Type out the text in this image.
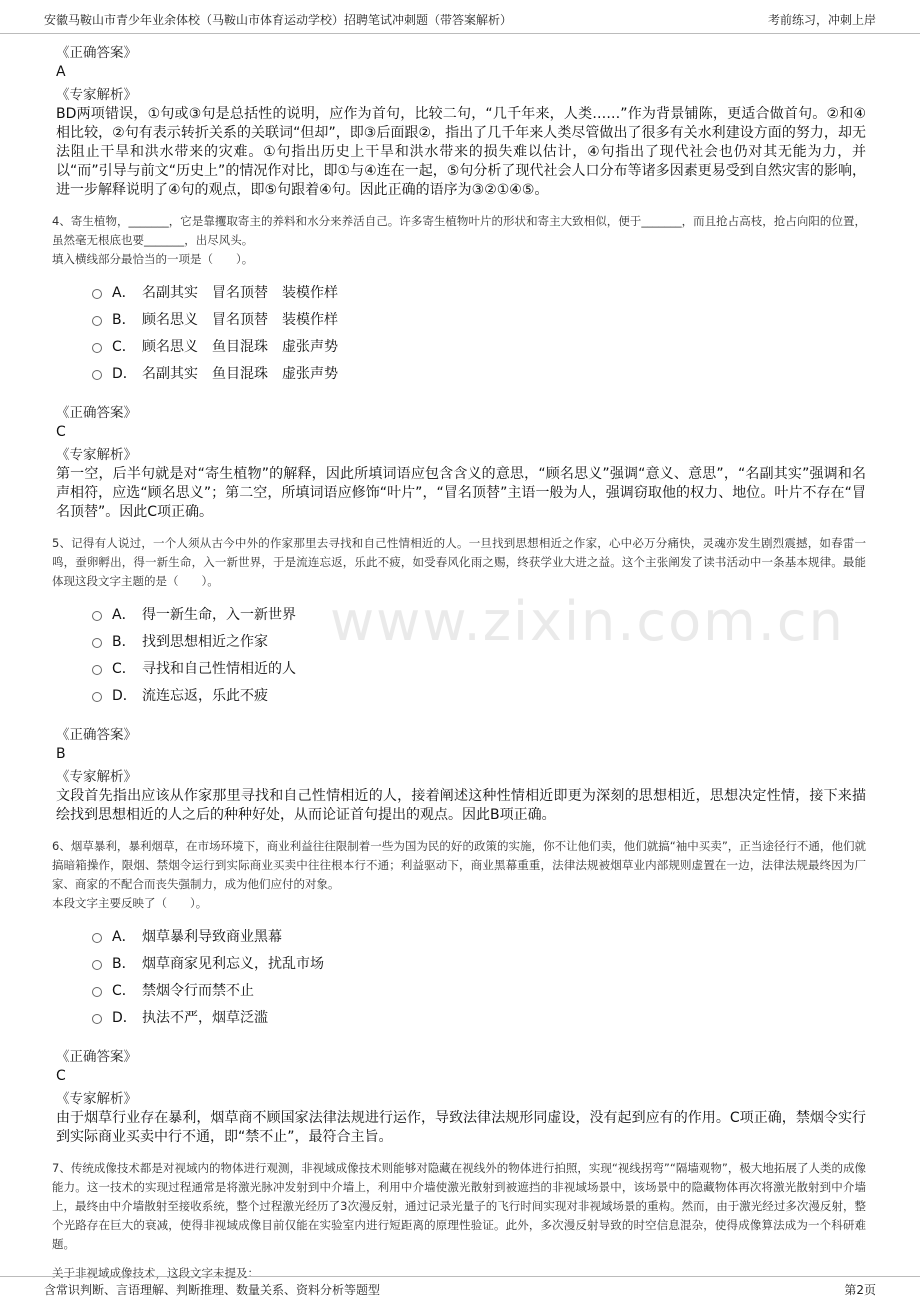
安徽马鞍山市青少年业余体校（马鞍山市体育运动学校）招聘笔试冲刺题（带答案解析）	考前练习，冲刺上岸
www.zixin.com.cn
《正确答案》
A
《专家解析》
BD两项错误，①句或③句是总括性的说明，应作为首句，比较二句，“几千年来，人类……”作为背景铺陈，更适合做首句。②和④相比较，②句有表示转折关系的关联词“但却”，即③后面跟②，指出了几千年来人类尽管做出了很多有关水利建设方面的努力，却无法阻止干旱和洪水带来的灾难。①句指出历史上干旱和洪水带来的损失难以估计，④句指出了现代社会也仍对其无能为力，并以“而”引导与前文“历史上”的情况作对比，即①与④连在一起，⑤句分析了现代社会人口分布等诸多因素更易受到自然灾害的影响，进一步解释说明了④句的观点，即⑤句跟着④句。因此正确的语序为③②①④⑤。
4、寄生植物，_______，它是靠攫取寄主的养料和水分来养活自己。许多寄生植物叶片的形状和寄主大致相似，便于_______，而且抢占高枝，抢占向阳的位置，虽然毫无根底也要_______，出尽风头。
填入横线部分最恰当的一项是（　　）。
A． 名副其实　冒名顶替　装模作样
B． 顾名思义　冒名顶替　装模作样
C． 顾名思义　鱼目混珠　虚张声势
D． 名副其实　鱼目混珠　虚张声势
《正确答案》
C
《专家解析》
第一空，后半句就是对“寄生植物”的解释，因此所填词语应包含含义的意思，“顾名思义”强调“意义、意思”，“名副其实”强调和名声相符，应选“顾名思义”；第二空，所填词语应修饰“叶片”，“冒名顶替”主语一般为人，强调窃取他的权力、地位。叶片不存在“冒名顶替”。因此C项正确。
5、记得有人说过，一个人须从古今中外的作家那里去寻找和自己性情相近的人。一旦找到思想相近之作家，心中必万分痛快，灵魂亦发生剧烈震撼，如春雷一鸣，蚕卵孵出，得一新生命，入一新世界，于是流连忘返，乐此不疲，如受春风化雨之赐，终获学业大进之益。这个主张阐发了读书活动中一条基本规律。最能体现这段文字主题的是（　　）。
A． 得一新生命，入一新世界
B． 找到思想相近之作家
C． 寻找和自己性情相近的人
D． 流连忘返，乐此不疲
《正确答案》
B
《专家解析》
文段首先指出应该从作家那里寻找和自己性情相近的人，接着阐述这种性情相近即更为深刻的思想相近，思想决定性情，接下来描绘找到思想相近的人之后的种种好处，从而论证首句提出的观点。因此B项正确。
6、烟草暴利，暴利烟草，在市场环境下，商业利益往往限制着一些为国为民的好的政策的实施，你不让他们卖，他们就搞“袖中买卖”，正当途径行不通，他们就搞暗箱操作，限烟、禁烟令运行到实际商业买卖中往往根本行不通；利益驱动下，商业黑幕重重，法律法规被烟草业内部规则虚置在一边，法律法规最终因为厂家、商家的不配合而丧失强制力，成为他们应付的对象。
本段文字主要反映了（　　）。
A． 烟草暴利导致商业黑幕
B． 烟草商家见利忘义，扰乱市场
C． 禁烟令行而禁不止
D． 执法不严，烟草泛滥
《正确答案》
C
《专家解析》
由于烟草行业存在暴利，烟草商不顾国家法律法规进行运作，导致法律法规形同虚设，没有起到应有的作用。C项正确，禁烟令实行到实际商业买卖中行不通，即“禁不止”，最符合主旨。
7、传统成像技术都是对视域内的物体进行观测，非视域成像技术则能够对隐藏在视线外的物体进行拍照，实现“视线拐弯”“隔墙观物”，极大地拓展了人类的成像能力。这一技术的实现过程通常是将激光脉冲发射到中介墙上，利用中介墙使激光散射到被遮挡的非视域场景中，该场景中的隐藏物体再次将激光散射到中介墙上，最终由中介墙散射至接收系统，整个过程激光经历了3次漫反射，通过记录光量子的飞行时间实现对非视域场景的重构。然而，由于激光经过多次漫反射，整个光路存在巨大的衰减，使得非视域成像目前仅能在实验室内进行短距离的原理性验证。此外，多次漫反射导致的时空信息混杂，使得成像算法成为一个科研难题。
关于非视域成像技术，这段文字未提及：
含常识判断、言语理解、判断推理、数量关系、资料分析等题型	第2页
